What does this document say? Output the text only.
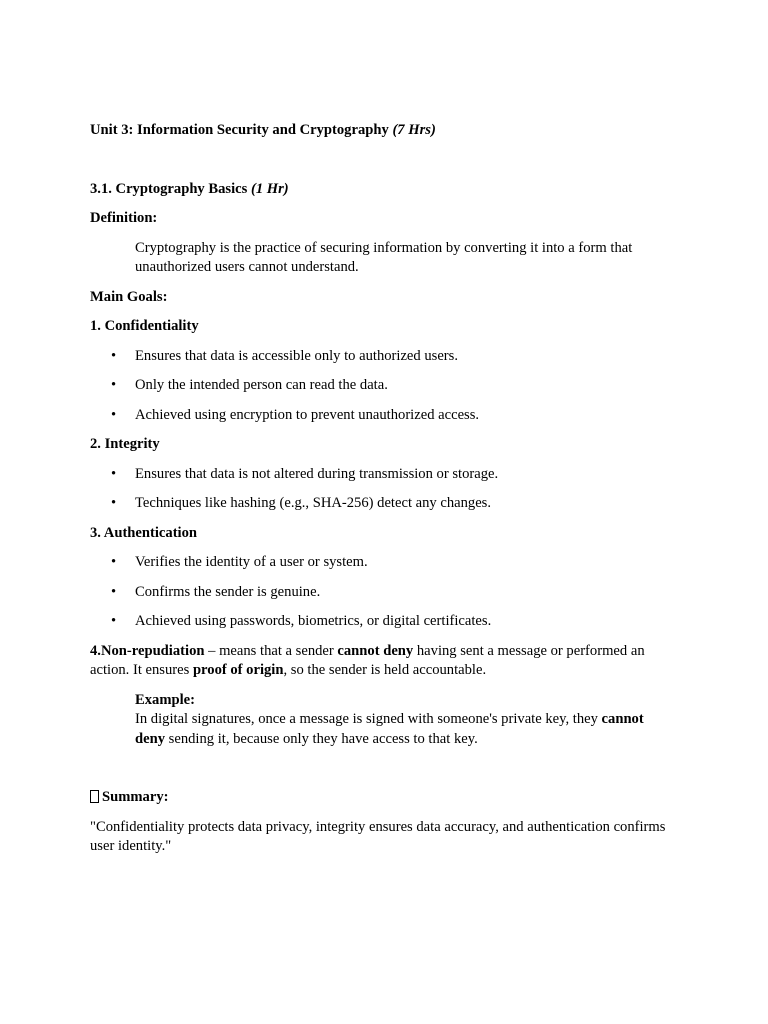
Unit 3: Information Security and Cryptography (7 Hrs)

3.1. Cryptography Basics (1 Hr)

Definition:

Cryptography is the practice of securing information by converting it into a form that unauthorized users cannot understand.

Main Goals:

1. Confidentiality

• Ensures that data is accessible only to authorized users.
• Only the intended person can read the data.
• Achieved using encryption to prevent unauthorized access.

2. Integrity

• Ensures that data is not altered during transmission or storage.
• Techniques like hashing (e.g., SHA-256) detect any changes.

3. Authentication

• Verifies the identity of a user or system.
• Confirms the sender is genuine.
• Achieved using passwords, biometrics, or digital certificates.

4.Non-repudiation – means that a sender cannot deny having sent a message or performed an action. It ensures proof of origin, so the sender is held accountable.

Example:

In digital signatures, once a message is signed with someone's private key, they cannot deny sending it, because only they have access to that key.

Summary:

"Confidentiality protects data privacy, integrity ensures data accuracy, and authentication confirms user identity."
